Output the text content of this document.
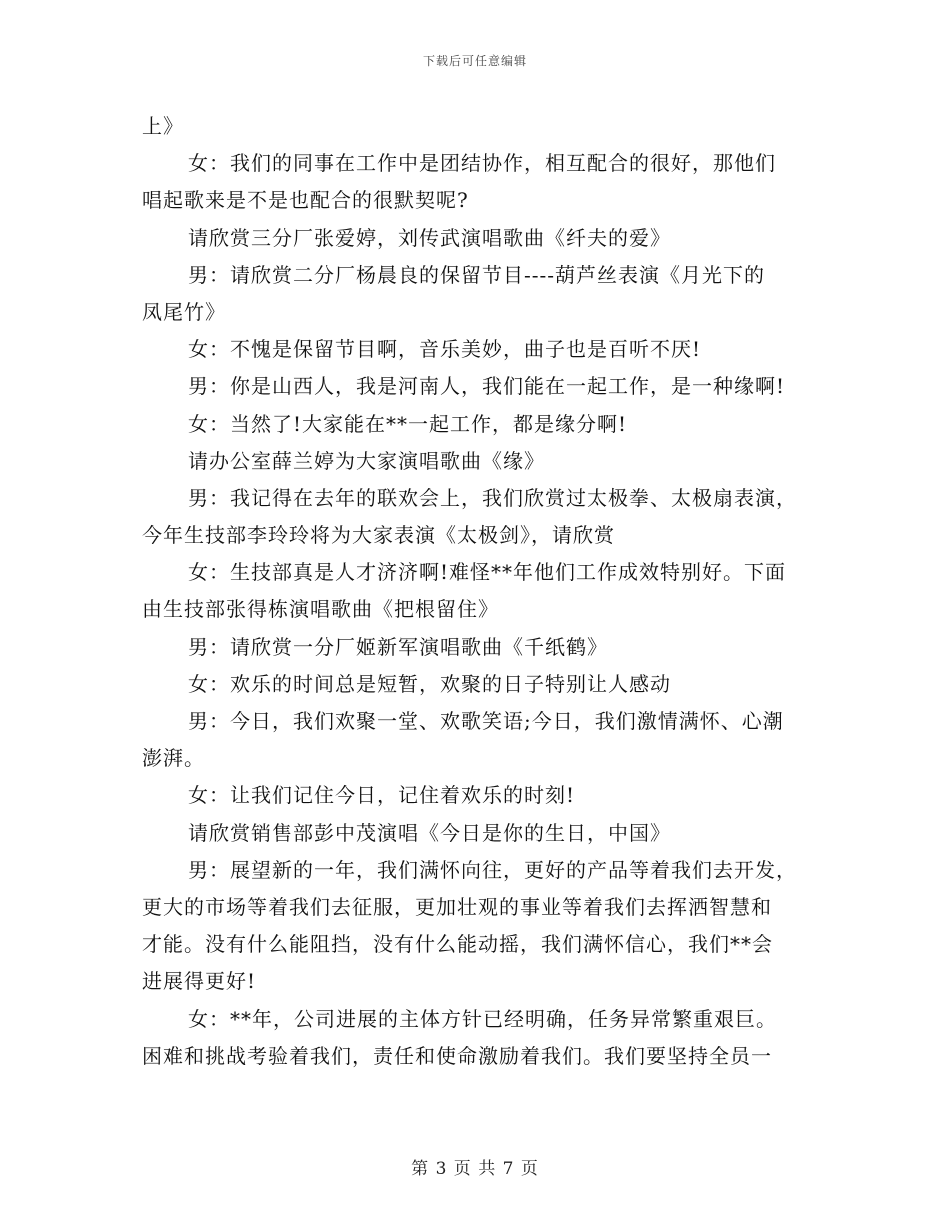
下载后可任意编辑
上》
女：我们的同事在工作中是团结协作，相互配合的很好，那他们
唱起歌来是不是也配合的很默契呢?
请欣赏三分厂张爱婷，刘传武演唱歌曲《纤夫的爱》
男：请欣赏二分厂杨晨良的保留节目----葫芦丝表演《月光下的
凤尾竹》
女：不愧是保留节目啊，音乐美妙，曲子也是百听不厌!
男：你是山西人，我是河南人，我们能在一起工作，是一种缘啊!
女：当然了!大家能在**一起工作，都是缘分啊!
请办公室薛兰婷为大家演唱歌曲《缘》
男：我记得在去年的联欢会上，我们欣赏过太极拳、太极扇表演，
今年生技部李玲玲将为大家表演《太极剑》，请欣赏
女：生技部真是人才济济啊!难怪**年他们工作成效特别好。下面
由生技部张得栋演唱歌曲《把根留住》
男：请欣赏一分厂姬新军演唱歌曲《千纸鹤》
女：欢乐的时间总是短暂，欢聚的日子特别让人感动
男：今日，我们欢聚一堂、欢歌笑语;今日，我们激情满怀、心潮
澎湃。
女：让我们记住今日，记住着欢乐的时刻!
请欣赏销售部彭中茂演唱《今日是你的生日，中国》
男：展望新的一年，我们满怀向往，更好的产品等着我们去开发，
更大的市场等着我们去征服，更加壮观的事业等着我们去挥洒智慧和
才能。没有什么能阻挡，没有什么能动摇，我们满怀信心，我们**会
进展得更好!
女：**年，公司进展的主体方针已经明确，任务异常繁重艰巨。
困难和挑战考验着我们，责任和使命激励着我们。我们要坚持全员一
第 3 页 共 7 页
